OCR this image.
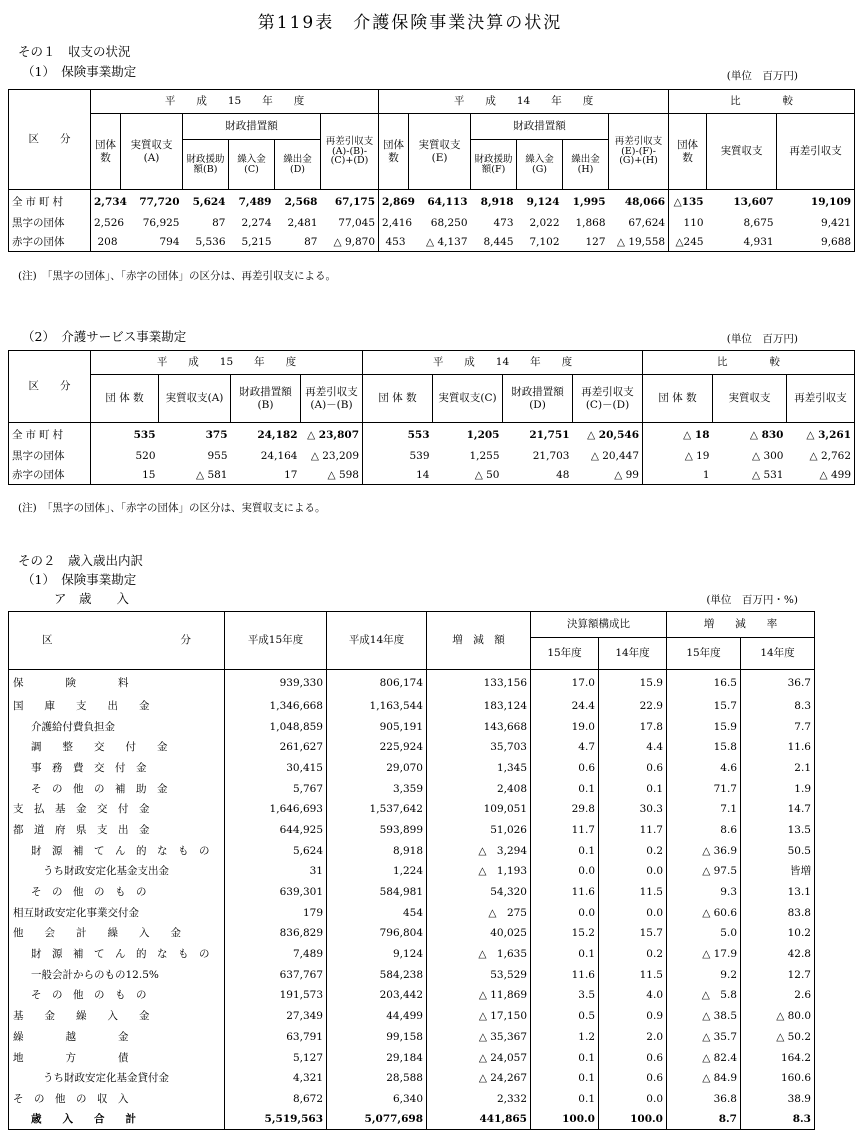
第119表　介護保険事業決算の状況
その１　収支の状況
（1）　保険事業勘定	(単位　百万円)
区　　分	平　　成　　15　　年　　度						平　　成　　14　　年　　度						比　　　　較		
	団体数	実質収支(A)	財政措置額			再差引収支(A)-(B)-(C)+(D)	団体数	実質収支(E)	財政措置額			再差引収支(E)-(F)-(G)+(H)	団体数	実質収支	再差引収支
			財政援助額(B)	繰入金(C)	繰出金(D)				財政援助額(F)	繰入金(G)	繰出金(H)				
全市町村	2,734	77,720	5,624	7,489	2,568	67,175	2,869	64,113	8,918	9,124	1,995	48,066	△135	13,607	19,109
黒字の団体	2,526	76,925	87	2,274	2,481	77,045	2,416	68,250	473	2,022	1,868	67,624	110	8,675	9,421
赤字の団体	208	794	5,536	5,215	87	△ 9,870	453	△ 4,137	8,445	7,102	127	△ 19,558	△245	4,931	9,688
(注)　「黒字の団体」、「赤字の団体」の区分は、再差引収支による。
（2）　介護サービス事業勘定	(単位　百万円)
区　　分	平　　成　　15　　年　　度				平　　成　　14　　年　　度				比　　　　較		
	団 体 数	実質収支(A)	財政措置額(B)	再差引収支(A)－(B)	団 体 数	実質収支(C)	財政措置額(D)	再差引収支(C)－(D)	団 体 数	実質収支	再差引収支
全市町村	535	375	24,182	△ 23,807	553	1,205	21,751	△ 20,546	△ 18	△ 830	△ 3,261
黒字の団体	520	955	24,164	△ 23,209	539	1,255	21,703	△ 20,447	△ 19	△ 300	△ 2,762
赤字の団体	15	△ 581	17	△ 598	14	△ 50	48	△ 99	1	△ 531	△ 499
(注)　「黒字の団体」、「赤字の団体」の区分は、実質収支による。
その２　歳入歳出内訳
（1）　保険事業勘定
ア　歳　　入	(単位　百万円・%)
区 分	平成15年度	平成14年度	増　減　額	決算額構成比		増　　減　　率	
				15年度	14年度	15年度	14年度
保　　　　険　　　　料	939,330	806,174	133,156	17.0	15.9	16.5	36.7
国　　庫　　支　　出　　金	1,346,668	1,163,544	183,124	24.4	22.9	15.7	8.3
介護給付費負担金	1,048,859	905,191	143,668	19.0	17.8	15.9	7.7
調　　整　　交　　付　　金	261,627	225,924	35,703	4.7	4.4	15.8	11.6
事　務　費　交　付　金	30,415	29,070	1,345	0.6	0.6	4.6	2.1
そ　の　他　の　補　助　金	5,767	3,359	2,408	0.1	0.1	71.7	1.9
支　払　基　金　交　付　金	1,646,693	1,537,642	109,051	29.8	30.3	7.1	14.7
都　道　府　県　支　出　金	644,925	593,899	51,026	11.7	11.7	8.6	13.5
財　源　補　て　ん　的　な　も　の	5,624	8,918	△　3,294	0.1	0.2	△ 36.9	50.5
うち財政安定化基金支出金	31	1,224	△　1,193	0.0	0.0	△ 97.5	皆増
そ　の　他　の　も　の	639,301	584,981	54,320	11.6	11.5	9.3	13.1
相互財政安定化事業交付金	179	454	△　275	0.0	0.0	△ 60.6	83.8
他　　会　　計　　繰　　入　　金	836,829	796,804	40,025	15.2	15.7	5.0	10.2
財　源　補　て　ん　的　な　も　の	7,489	9,124	△　1,635	0.1	0.2	△ 17.9	42.8
一般会計からのもの12.5%	637,767	584,238	53,529	11.6	11.5	9.2	12.7
そ　の　他　の　も　の	191,573	203,442	△ 11,869	3.5	4.0	△　5.8	2.6
基　　金　　繰　　入　　金	27,349	44,499	△ 17,150	0.5	0.9	△ 38.5	△ 80.0
繰　　　　越　　　　金	63,791	99,158	△ 35,367	1.2	2.0	△ 35.7	△ 50.2
地　　　　方　　　　債	5,127	29,184	△ 24,057	0.1	0.6	△ 82.4	164.2
うち財政安定化基金貸付金	4,321	28,588	△ 24,267	0.1	0.6	△ 84.9	160.6
そ　の　他　の　収　入	8,672	6,340	2,332	0.1	0.0	36.8	38.9
歳　　入　　合　　計	5,519,563	5,077,698	441,865	100.0	100.0	8.7	8.3
